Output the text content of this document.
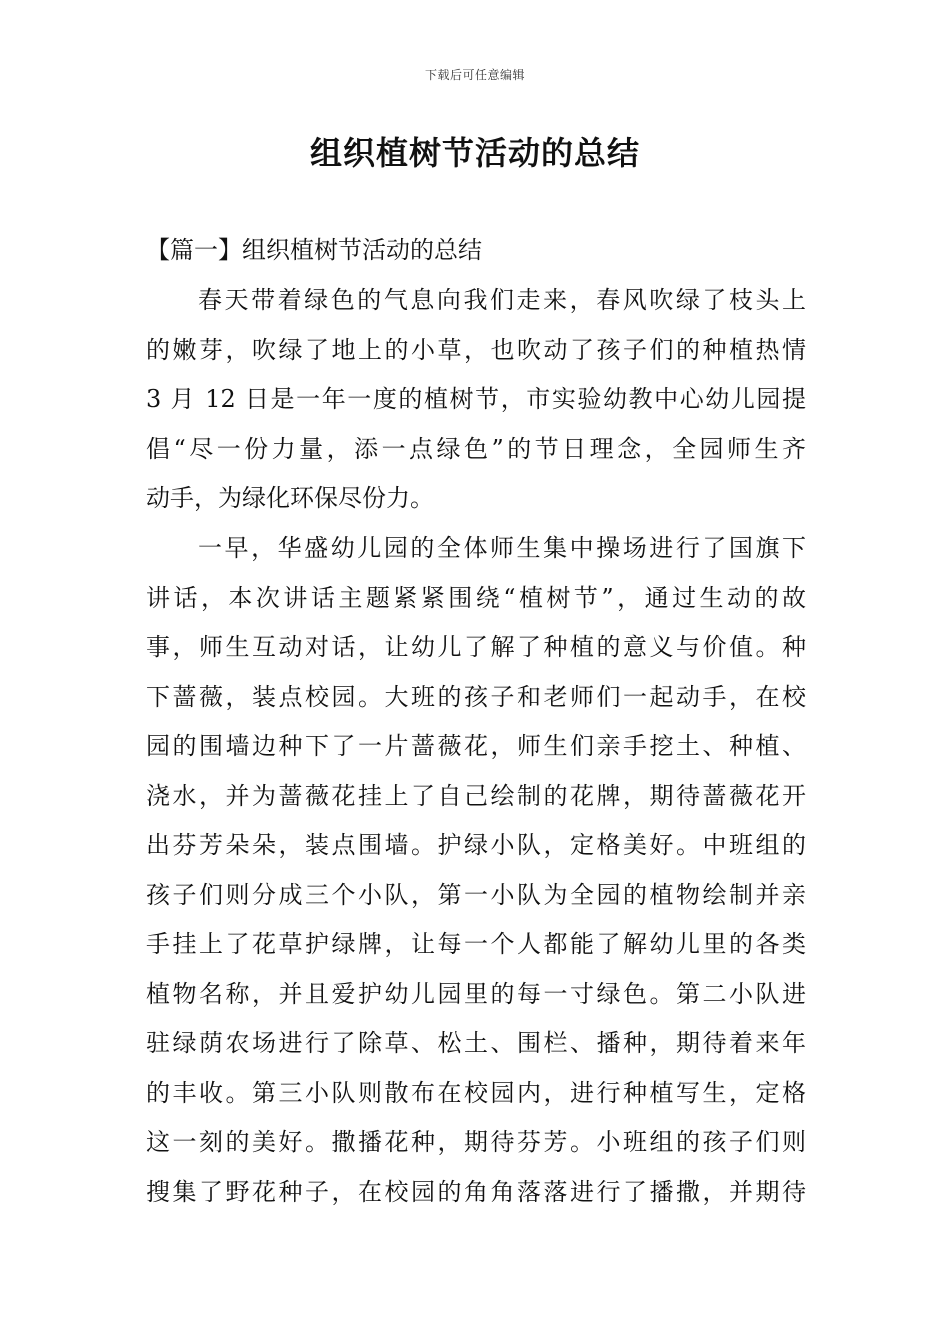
下载后可任意编辑
组织植树节活动的总结
【篇一】组织植树节活动的总结

春天带着绿色的气息向我们走来，春风吹绿了枝头上
的嫩芽，吹绿了地上的小草，也吹动了孩子们的种植热情
3 月 12 日是一年一度的植树节，市实验幼教中心幼儿园提
倡“尽一份力量，添一点绿色”的节日理念，全园师生齐
动手，为绿化环保尽份力。

一早，华盛幼儿园的全体师生集中操场进行了国旗下
讲话，本次讲话主题紧紧围绕“植树节”，通过生动的故
事，师生互动对话，让幼儿了解了种植的意义与价值。种
下蔷薇，装点校园。大班的孩子和老师们一起动手，在校
园的围墙边种下了一片蔷薇花，师生们亲手挖土、种植、
浇水，并为蔷薇花挂上了自己绘制的花牌，期待蔷薇花开
出芬芳朵朵，装点围墙。护绿小队，定格美好。中班组的
孩子们则分成三个小队，第一小队为全园的植物绘制并亲
手挂上了花草护绿牌，让每一个人都能了解幼儿里的各类
植物名称，并且爱护幼儿园里的每一寸绿色。第二小队进
驻绿荫农场进行了除草、松土、围栏、播种，期待着来年
的丰收。第三小队则散布在校园内，进行种植写生，定格
这一刻的美好。撒播花种，期待芬芳。小班组的孩子们则
搜集了野花种子，在校园的角角落落进行了播撒，并期待
